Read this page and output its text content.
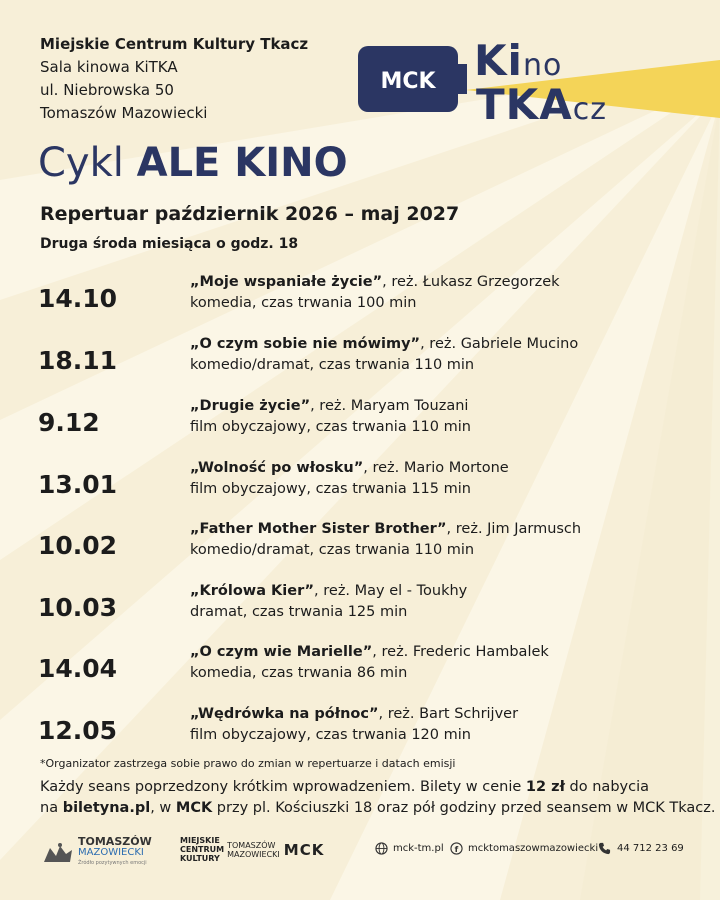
Miejskie Centrum Kultury Tkacz
Sala kinowa KiTKA
ul. Niebrowska 50
Tomaszów Mazowiecki
MCK Kino
TKAcz
Cykl ALE KINO
Repertuar październik 2026 – maj 2027
Druga środa miesiąca o godz. 18
14.10
„Moje wspaniałe życie”, reż. Łukasz Grzegorzek
komedia, czas trwania 100 min
18.11
„O czym sobie nie mówimy”, reż. Gabriele Mucino
komedio/dramat, czas trwania 110 min
9.12
„Drugie życie”, reż. Maryam Touzani
film obyczajowy, czas trwania 110 min
13.01
„Wolność po włosku”, reż. Mario Mortone
film obyczajowy, czas trwania 115 min
10.02
„Father Mother Sister Brother”, reż. Jim Jarmusch
komedio/dramat, czas trwania 110 min
10.03
„Królowa Kier”, reż. May el - Toukhy
dramat, czas trwania 125 min
14.04
„O czym wie Marielle”, reż. Frederic Hambalek
komedia, czas trwania 86 min
12.05
„Wędrówka na północ”, reż. Bart Schrijver
film obyczajowy, czas trwania 120 min
*Organizator zastrzega sobie prawo do zmian w repertuarze i datach emisji
Każdy seans poprzedzony krótkim wprowadzeniem. Bilety w cenie 12 zł do nabycia
na biletyna.pl, w MCK przy pl. Kościuszki 18 oraz pół godziny przed seansem w MCK Tkacz.
TOMASZÓW
MAZOWIECKI
Źródło pozytywnych emocji
MIEJSKIE
CENTRUM
KULTURY
TOMASZÓW
MAZOWIECKI MCK	mck-tm.pl f mcktomaszowmazowiecki 44 712 23 69
